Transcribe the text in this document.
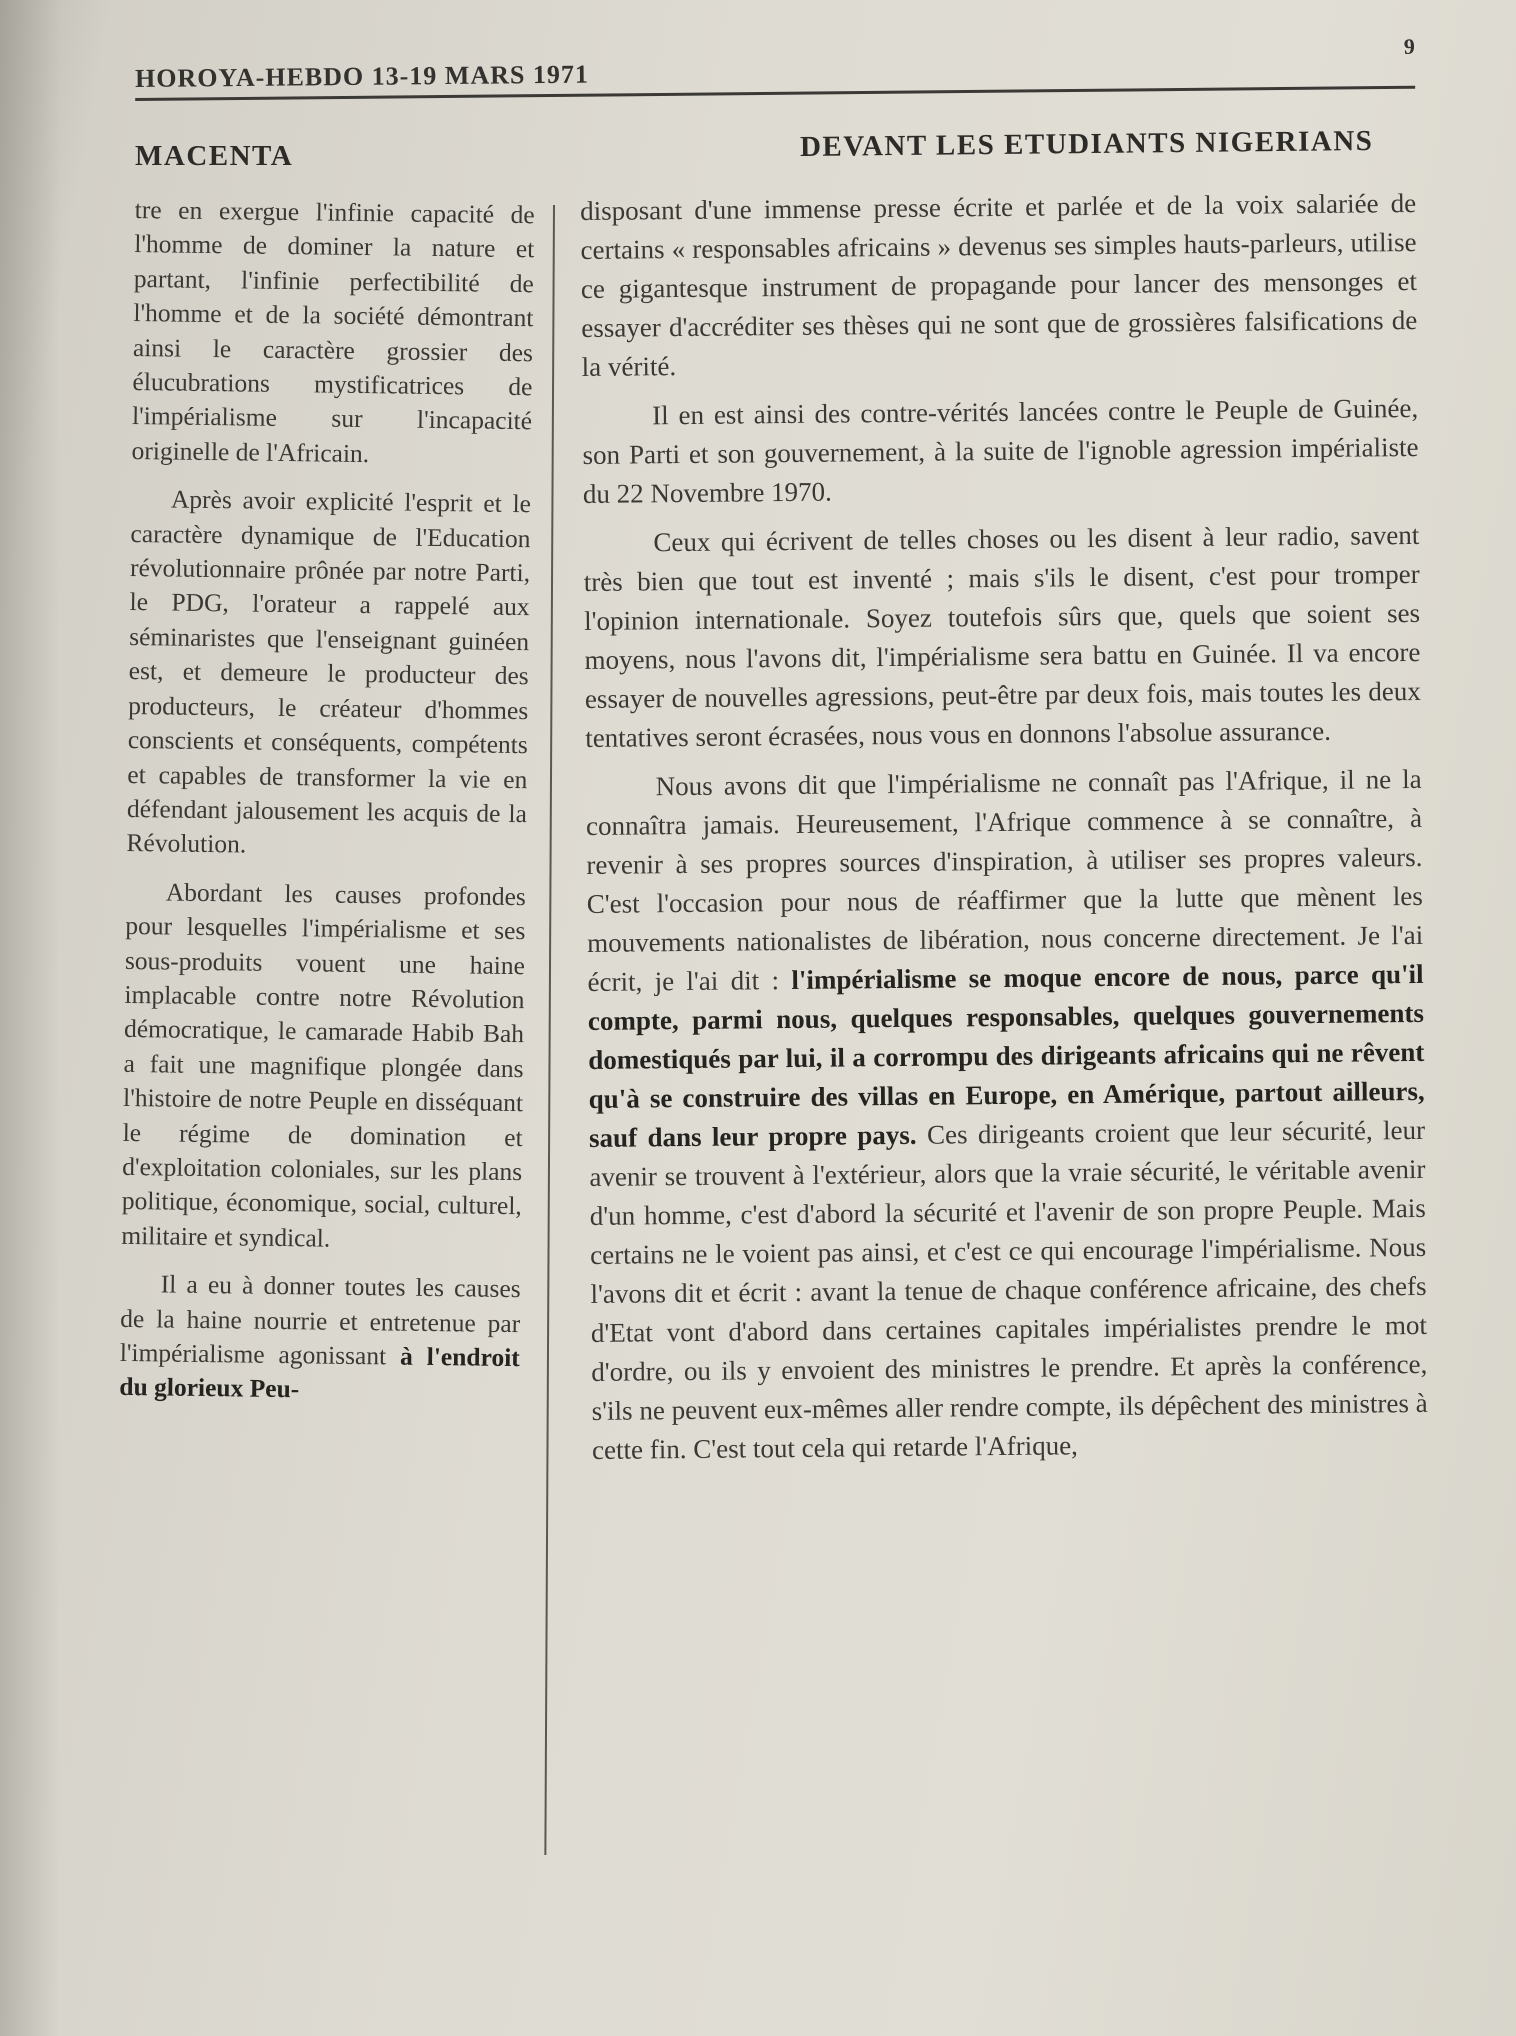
HOROYA-HEBDO 13-19 MARS 1971
9
MACENTA	DEVANT LES ETUDIANTS NIGERIANS

tre en exergue l'infinie capacité de l'homme de dominer la nature et partant, l'infinie perfectibilité de l'homme et de la société démontrant ainsi le caractère grossier des élucubrations mystificatrices de l'impérialisme sur l'incapacité originelle de l'Africain.

Après avoir explicité l'esprit et le caractère dynamique de l'Education révolutionnaire prônée par notre Parti, le PDG, l'orateur a rappelé aux séminaristes que l'enseignant guinéen est, et demeure le producteur des producteurs, le créateur d'hommes conscients et conséquents, compétents et capables de transformer la vie en défendant jalousement les acquis de la Révolution.

Abordant les causes profondes pour lesquelles l'impérialisme et ses sous-produits vouent une haine implacable contre notre Révolution démocratique, le camarade Habib Bah a fait une magnifique plongée dans l'histoire de notre Peuple en disséquant le régime de domination et d'exploitation coloniales, sur les plans politique, économique, social, culturel, militaire et syndical.

Il a eu à donner toutes les causes de la haine nourrie et entretenue par l'impérialisme agonissant à l'endroit du glorieux Peu-

disposant d'une immense presse écrite et parlée et de la voix salariée de certains « responsables africains » devenus ses simples hauts-parleurs, utilise ce gigantesque instrument de propagande pour lancer des mensonges et essayer d'accréditer ses thèses qui ne sont que de grossières falsifications de la vérité.

Il en est ainsi des contre-vérités lancées contre le Peuple de Guinée, son Parti et son gouvernement, à la suite de l'ignoble agression impérialiste du 22 Novembre 1970.

Ceux qui écrivent de telles choses ou les disent à leur radio, savent très bien que tout est inventé ; mais s'ils le disent, c'est pour tromper l'opinion internationale. Soyez toutefois sûrs que, quels que soient ses moyens, nous l'avons dit, l'impérialisme sera battu en Guinée. Il va encore essayer de nouvelles agressions, peut-être par deux fois, mais toutes les deux tentatives seront écrasées, nous vous en donnons l'absolue assurance.

Nous avons dit que l'impérialisme ne connaît pas l'Afrique, il ne la connaîtra jamais. Heureusement, l'Afrique commence à se connaître, à revenir à ses propres sources d'inspiration, à utiliser ses propres valeurs. C'est l'occasion pour nous de réaffirmer que la lutte que mènent les mouvements nationalistes de libération, nous concerne directement. Je l'ai écrit, je l'ai dit : l'impérialisme se moque encore de nous, parce qu'il compte, parmi nous, quelques responsables, quelques gouvernements domestiqués par lui, il a corrompu des dirigeants africains qui ne rêvent qu'à se construire des villas en Europe, en Amérique, partout ailleurs, sauf dans leur propre pays. Ces dirigeants croient que leur sécurité, leur avenir se trouvent à l'extérieur, alors que la vraie sécurité, le véritable avenir d'un homme, c'est d'abord la sécurité et l'avenir de son propre Peuple. Mais certains ne le voient pas ainsi, et c'est ce qui encourage l'impérialisme. Nous l'avons dit et écrit : avant la tenue de chaque conférence africaine, des chefs d'Etat vont d'abord dans certaines capitales impérialistes prendre le mot d'ordre, ou ils y envoient des ministres le prendre. Et après la conférence, s'ils ne peuvent eux-mêmes aller rendre compte, ils dépêchent des ministres à cette fin. C'est tout cela qui retarde l'Afrique,
